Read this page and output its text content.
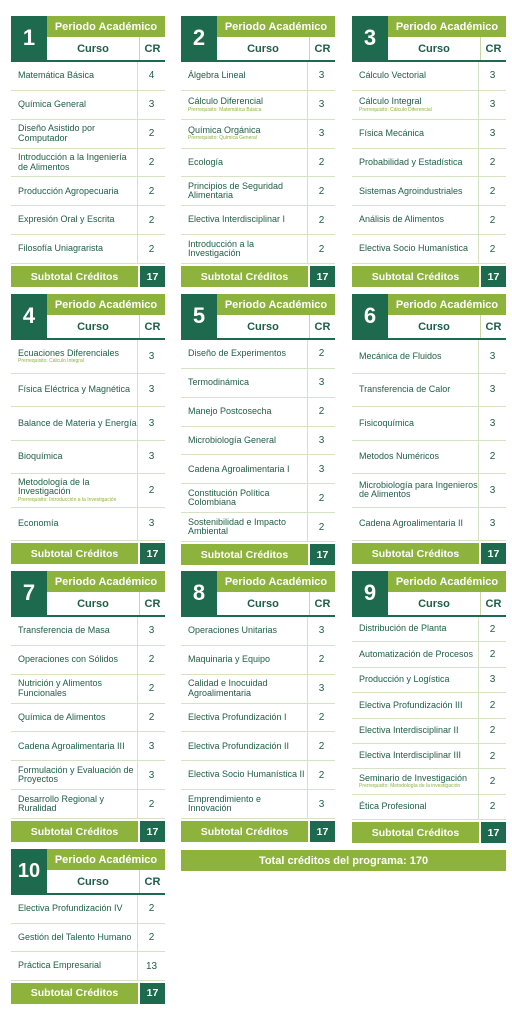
1	Periodo Académico
Curso	CR
Matemática Básica	4
Química General	3
Diseño Asistido por Computador	2
Introducción a la Ingeniería de Alimentos	2
Producción Agropecuaria	2
Expresión Oral y Escrita	2
Filosofía Uniagrarista	2
Subtotal Créditos	17
2	Periodo Académico
Curso	CR
Álgebra Lineal	3
Cálculo Diferencial
Prerrequisito: Matemática Básica	3
Química Orgánica
Prerrequisito: Química General	3
Ecología	2
Principios de Seguridad Alimentaria	2
Electiva Interdisciplinar I	2
Introducción a la Investigación	2
Subtotal Créditos	17
3	Periodo Académico
Curso	CR
Cálculo Vectorial	3
Cálculo Integral
Prerrequisito: Cálculo Diferencial	3
Física Mecánica	3
Probabilidad y Estadística	2
Sistemas Agroindustriales	2
Análisis de Alimentos	2
Electiva Socio Humanística	2
Subtotal Créditos	17
4	Periodo Académico
Curso	CR
Ecuaciones Diferenciales
Prerrequisito: Cálculo Integral	3
Física Eléctrica y Magnética	3
Balance de Materia y Energía	3
Bioquímica	3
Metodología de la Investigación
Prerrequisito: Introducción a la Investigación
2
Economía	3
Subtotal Créditos	17
5	Periodo Académico
Curso	CR
Diseño de Experimentos	2
Termodinámica	3
Manejo Postcosecha	2
Microbiología General	3
Cadena Agroalimentaria I	3
Constitución Política Colombiana	2
Sostenibilidad e Impacto Ambiental	2
Subtotal Créditos	17
6	Periodo Académico
Curso	CR
Mecánica de Fluidos	3
Transferencia de Calor	3
Fisicoquímica	3
Metodos Numéricos	2
Microbiología para Ingenieros de Alimentos	3
Cadena Agroalimentaria II	3
Subtotal Créditos	17
7	Periodo Académico
Curso	CR
Transferencia de Masa	3
Operaciones con Sólidos	2
Nutrición y Alimentos Funcionales	2
Química de Alimentos	2
Cadena Agroalimentaria III	3
Formulación y Evaluación de Proyectos	3
Desarrollo Regional y Ruralidad	2
Subtotal Créditos	17
8	Periodo Académico
Curso	CR
Operaciones Unitarias	3
Maquinaria y Equipo	2
Calidad e Inocuidad Agroalimentaria	3
Electiva Profundización I	2
Electiva Profundización II	2
Electiva Socio Humanística II	2
Emprendimiento e Innovación	3
Subtotal Créditos	17
9	Periodo Académico
Curso	CR
Distribución de Planta	2
Automatización de Procesos	2
Producción y Logística	3
Electiva Profundización III	2
Electiva Interdisciplinar II	2
Electiva Interdisciplinar III	2
Seminario de Investigación
Prerrequisito: Metodología de la investigación	2
Ética Profesional	2
Subtotal Créditos	17
10	Periodo Académico
Curso	CR
Electiva Profundización IV	2
Gestión del Talento Humano	2
Práctica Empresarial	13
Subtotal Créditos	17
Total créditos del programa: 170
